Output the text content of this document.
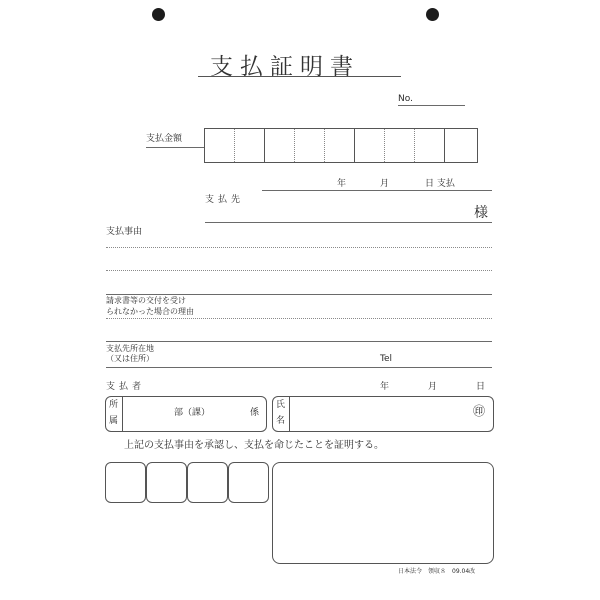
支払証明書
No.
支払金額
年	月	日 支払
支払先
様
支払事由
請求書等の交付を受け
られなかった場合の理由
支払先所在地
（又は住所）	Tel
支払者	年	月	日
所
属
部（課）	係
氏
名
㊞
上記の支払事由を承認し、支払を命じたことを証明する。
日本法令　領収８　09.04改
